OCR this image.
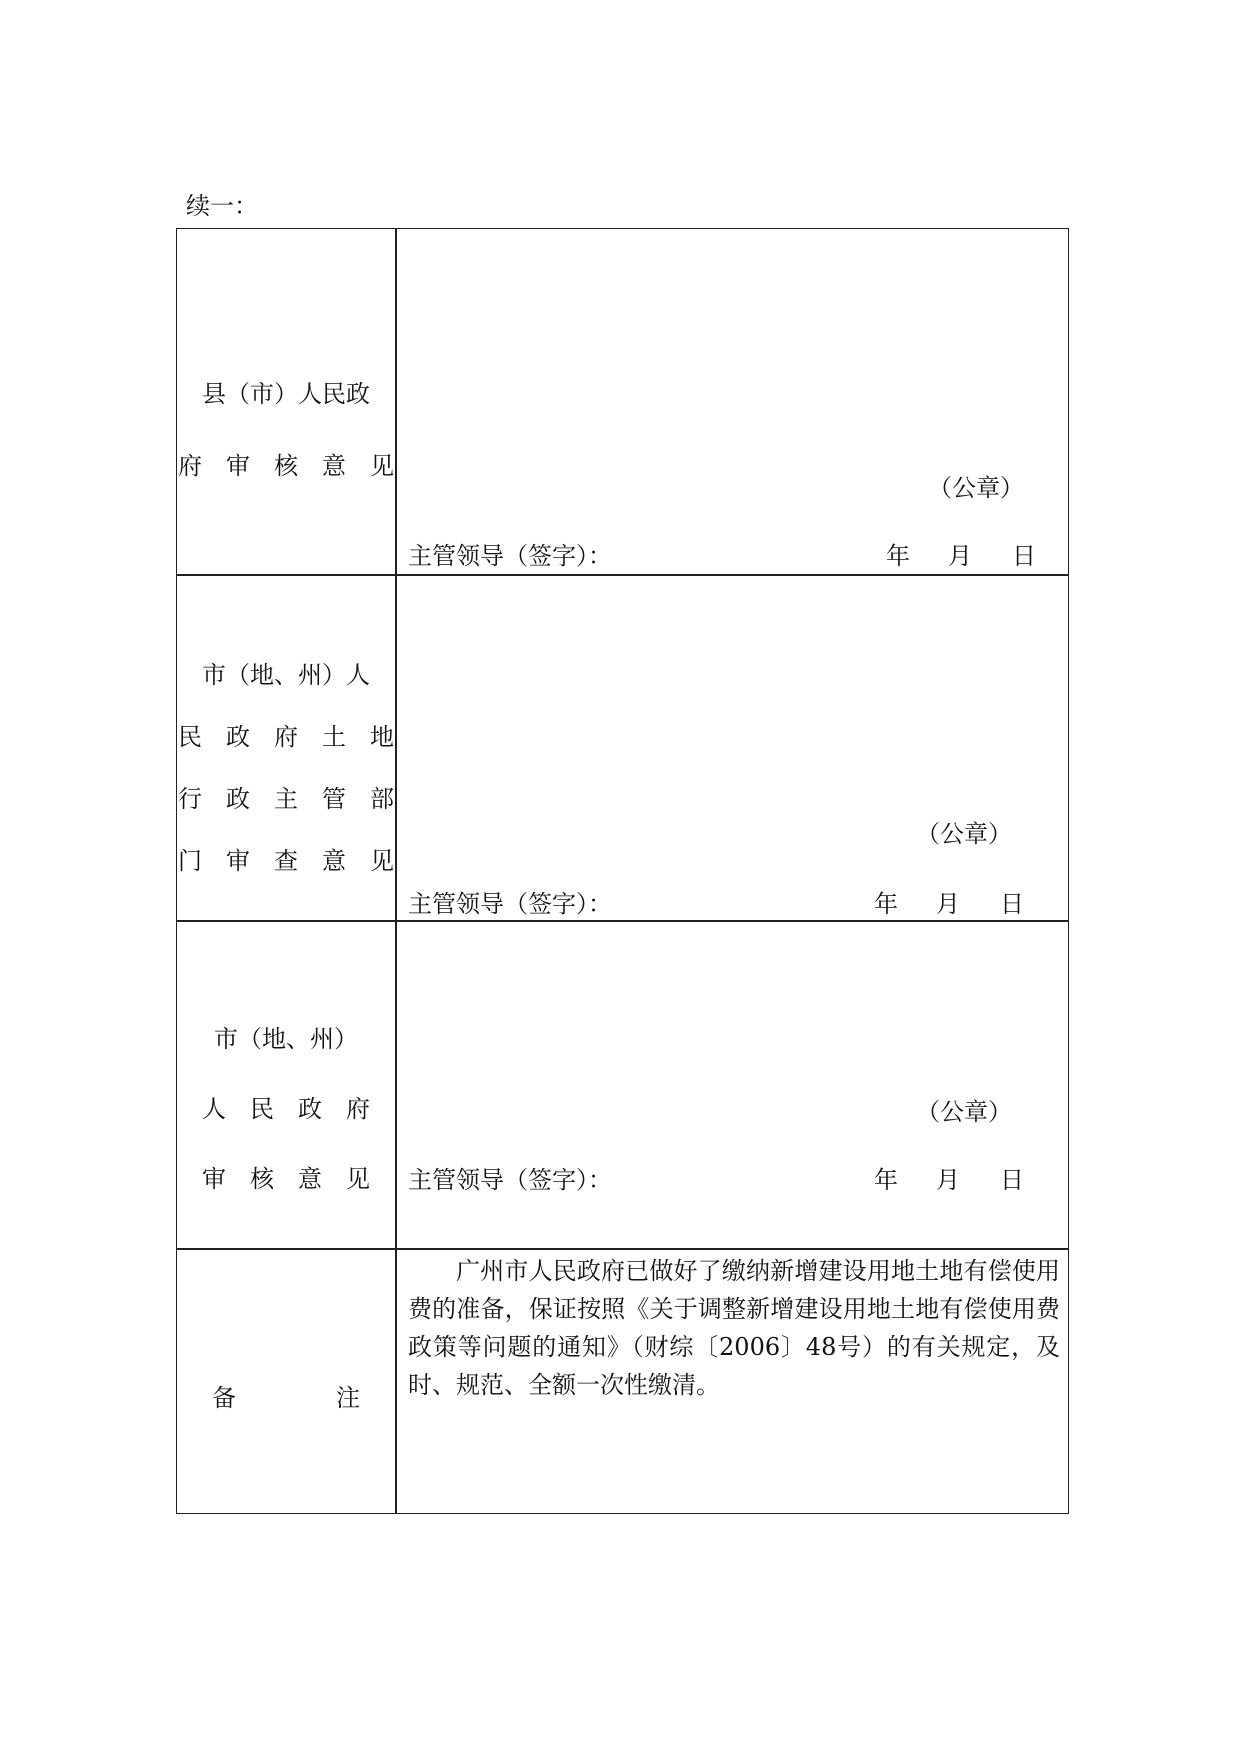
续一：
县（市）人民政
府审核意见
（公章）
主管领导（签字）：	年 月 日
市（地、州）人
民政府土地
行政主管部
门审查意见
（公章）
主管领导（签字）：	年 月 日
市（地、州）
人民政府
审核意见
（公章）
主管领导（签字）：	年 月 日
备	注
广州市人民政府已做好了缴纳新增建设用地土地有偿使用费的准备，保证按照《关于调整新增建设用地土地有偿使用费政策等问题的通知》（财综〔2006〕48号）的有关规定，及时、规范、全额一次性缴清。
